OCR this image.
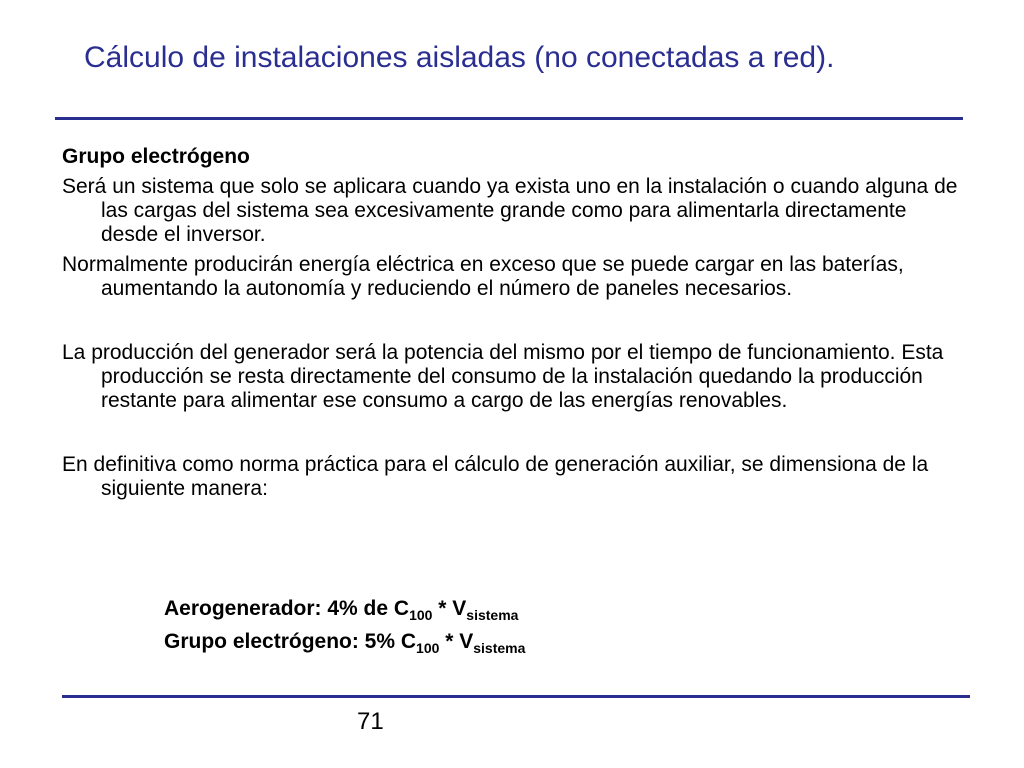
Cálculo de instalaciones aisladas (no conectadas a red).
Grupo electrógeno

Será un sistema que solo se aplicara cuando ya exista uno en la instalación o cuando alguna de las cargas del sistema sea excesivamente grande como para alimentarla directamente desde el inversor.

Normalmente producirán energía eléctrica en exceso que se puede cargar en las baterías, aumentando la autonomía y reduciendo el número de paneles necesarios.

La producción del generador será la potencia del mismo por el tiempo de funcionamiento. Esta producción se resta directamente del consumo de la instalación quedando la producción restante para alimentar ese consumo a cargo de las energías renovables.

En definitiva como norma práctica para el cálculo de generación auxiliar, se dimensiona de la siguiente manera:

Aerogenerador: 4% de $C_{100} * V_{sistema}$
Grupo electrógeno: 5% $C_{100} * V_{sistema}$
71
